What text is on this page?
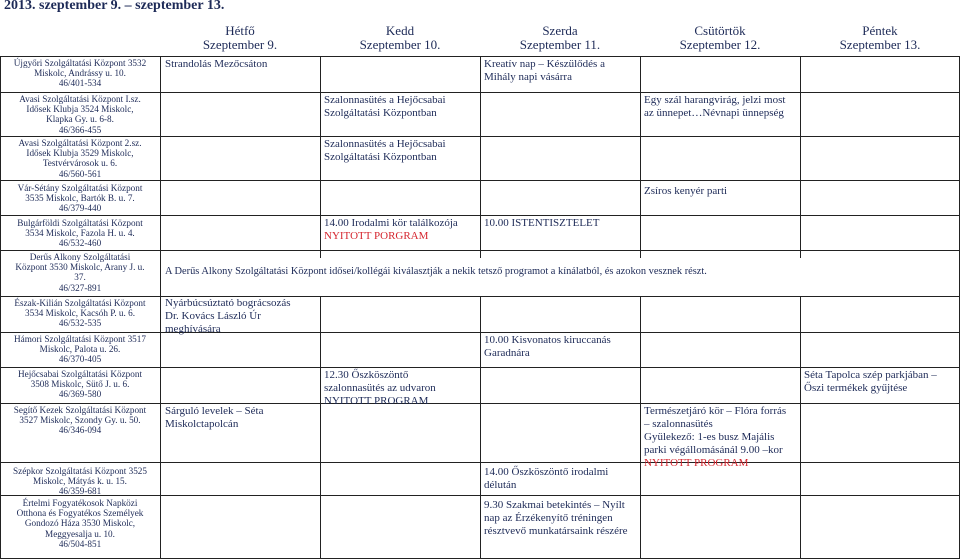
2013. szeptember 9. – szeptember 13.
Hétfő
Szeptember 9.
Kedd
Szeptember 10.
Szerda
Szeptember 11.
Csütörtök
Szeptember 12.
Péntek
Szeptember 13.
Újgyőri Szolgáltatási Központ 3532
Miskolc, Andrássy u. 10.
46/401-534
Avasi Szolgáltatási Központ I.sz.
Idősek Klubja 3524 Miskolc,
Klapka Gy. u. 6-8.
46/366-455
Avasi Szolgáltatási Központ 2.sz.
Idősek Klubja 3529 Miskolc,
Testvérvárosok u. 6.
46/560-561
Vár-Sétány Szolgáltatási Központ
3535 Miskolc, Bartók B. u. 7.
46/379-440
Bulgárföldi Szolgáltatási Központ
3534 Miskolc, Fazola H. u. 4.
46/532-460
Derűs Alkony Szolgáltatási
Központ 3530 Miskolc, Arany J. u.
37.
46/327-891
Észak-Kilián Szolgáltatási Központ
3534 Miskolc, Kacsóh P. u. 6.
46/532-535
Hámori Szolgáltatási Központ 3517
Miskolc, Palota u. 26.
46/370-405
Hejőcsabai Szolgáltatási Központ
3508 Miskolc, Sütő J. u. 6.
46/369-580
Segítő Kezek Szolgáltatási Központ
3527 Miskolc, Szondy Gy. u. 50.
46/346-094
Szépkor Szolgáltatási Központ 3525
Miskolc, Mátyás k. u. 15.
46/359-681
Értelmi Fogyatékosok Napközi
Otthona és Fogyatékos Személyek
Gondozó Háza 3530 Miskolc,
Meggyesalja u. 10.
46/504-851
Strandolás Mezőcsáton	Kreatív nap – Készülődés a
Mihály napi vásárra
Szalonnasütés a Hejőcsabai
Szolgáltatási Központban
Egy szál harangvirág, jelzi most
az ünnepet…Névnapi ünnepség
Szalonnasütés a Hejőcsabai
Szolgáltatási Központban
Zsíros kenyér parti
14.00 Irodalmi kör találkozója
NYITOTT PORGRAM
10.00 ISTENTISZTELET
A Derűs Alkony Szolgáltatási Központ idősei/kollégái kiválasztják a nekik tetsző programot a kínálatból, és azokon vesznek részt.
Nyárbúcsúztató bográcsozás
Dr. Kovács László Úr
meghívására
10.00 Kisvonatos kiruccanás
Garadnára
12.30 Őszköszöntő
szalonnasütés az udvaron
NYITOTT PROGRAM
Séta Tapolca szép parkjában –
Őszi termékek gyűjtése
Sárguló levelek – Séta
Miskolctapolcán
Természetjáró kör – Flóra forrás
– szalonnasütés
Gyülekező: 1-es busz Majális
parki végállomásánál 9.00 –kor
NYITOTT PROGRAM
14.00 Őszköszöntő irodalmi
délután
9.30 Szakmai betekintés – Nyílt
nap az Érzékenyítő tréningen
résztvevő munkatársaink részére
